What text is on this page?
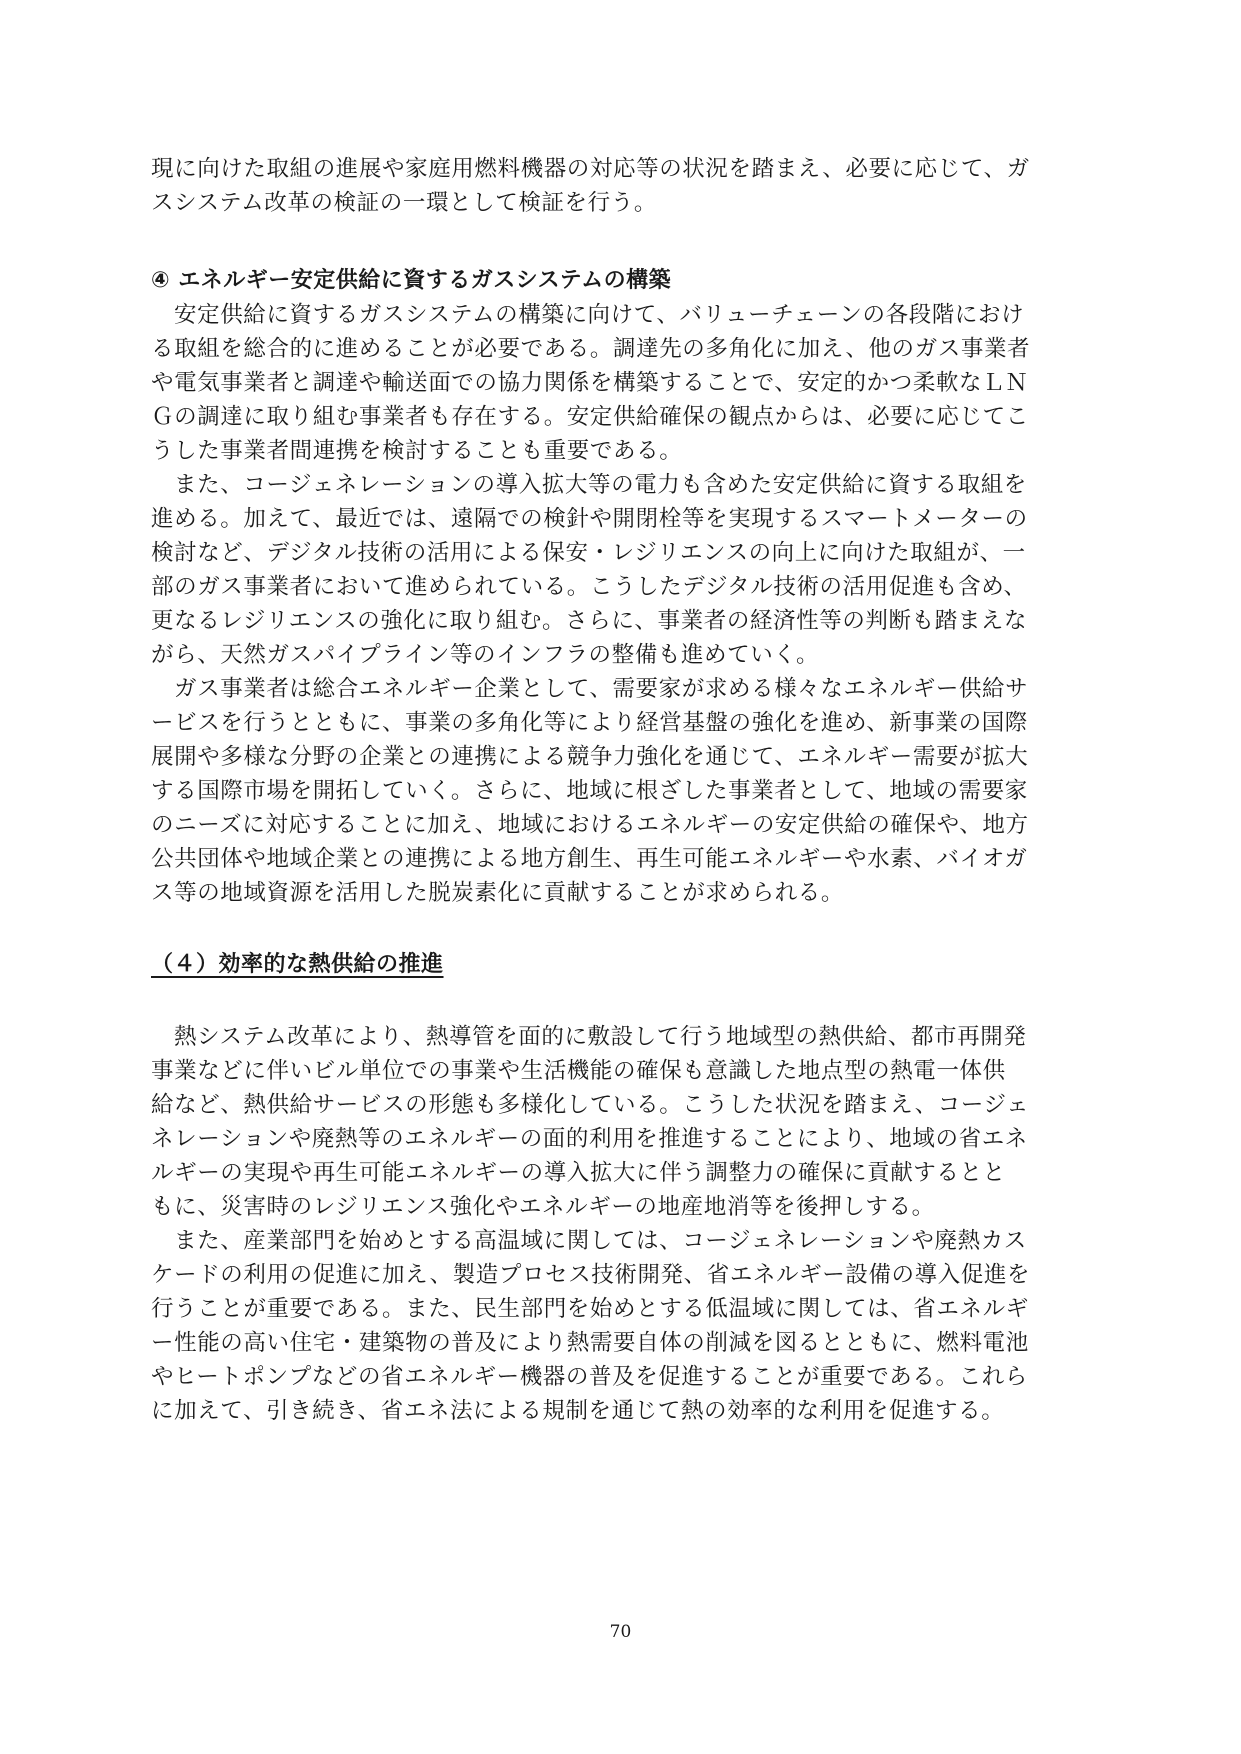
現に向けた取組の進展や家庭用燃料機器の対応等の状況を踏まえ、必要に応じて、ガ
スシステム改革の検証の一環として検証を行う。
④ エネルギー安定供給に資するガスシステムの構築
安定供給に資するガスシステムの構築に向けて、バリューチェーンの各段階におけ
る取組を総合的に進めることが必要である。調達先の多角化に加え、他のガス事業者
や電気事業者と調達や輸送面での協力関係を構築することで、安定的かつ柔軟なＬＮ
Ｇの調達に取り組む事業者も存在する。安定供給確保の観点からは、必要に応じてこ
うした事業者間連携を検討することも重要である。
また、コージェネレーションの導入拡大等の電力も含めた安定供給に資する取組を
進める。加えて、最近では、遠隔での検針や開閉栓等を実現するスマートメーターの
検討など、デジタル技術の活用による保安・レジリエンスの向上に向けた取組が、一
部のガス事業者において進められている。こうしたデジタル技術の活用促進も含め、
更なるレジリエンスの強化に取り組む。さらに、事業者の経済性等の判断も踏まえな
がら、天然ガスパイプライン等のインフラの整備も進めていく。
ガス事業者は総合エネルギー企業として、需要家が求める様々なエネルギー供給サ
ービスを行うとともに、事業の多角化等により経営基盤の強化を進め、新事業の国際
展開や多様な分野の企業との連携による競争力強化を通じて、エネルギー需要が拡大
する国際市場を開拓していく。さらに、地域に根ざした事業者として、地域の需要家
のニーズに対応することに加え、地域におけるエネルギーの安定供給の確保や、地方
公共団体や地域企業との連携による地方創生、再生可能エネルギーや水素、バイオガ
ス等の地域資源を活用した脱炭素化に貢献することが求められる。
（４）効率的な熱供給の推進
熱システム改革により、熱導管を面的に敷設して行う地域型の熱供給、都市再開発
事業などに伴いビル単位での事業や生活機能の確保も意識した地点型の熱電一体供
給など、熱供給サービスの形態も多様化している。こうした状況を踏まえ、コージェ
ネレーションや廃熱等のエネルギーの面的利用を推進することにより、地域の省エネ
ルギーの実現や再生可能エネルギーの導入拡大に伴う調整力の確保に貢献するとと
もに、災害時のレジリエンス強化やエネルギーの地産地消等を後押しする。
また、産業部門を始めとする高温域に関しては、コージェネレーションや廃熱カス
ケードの利用の促進に加え、製造プロセス技術開発、省エネルギー設備の導入促進を
行うことが重要である。また、民生部門を始めとする低温域に関しては、省エネルギ
ー性能の高い住宅・建築物の普及により熱需要自体の削減を図るとともに、燃料電池
やヒートポンプなどの省エネルギー機器の普及を促進することが重要である。これら
に加えて、引き続き、省エネ法による規制を通じて熱の効率的な利用を促進する。
70
